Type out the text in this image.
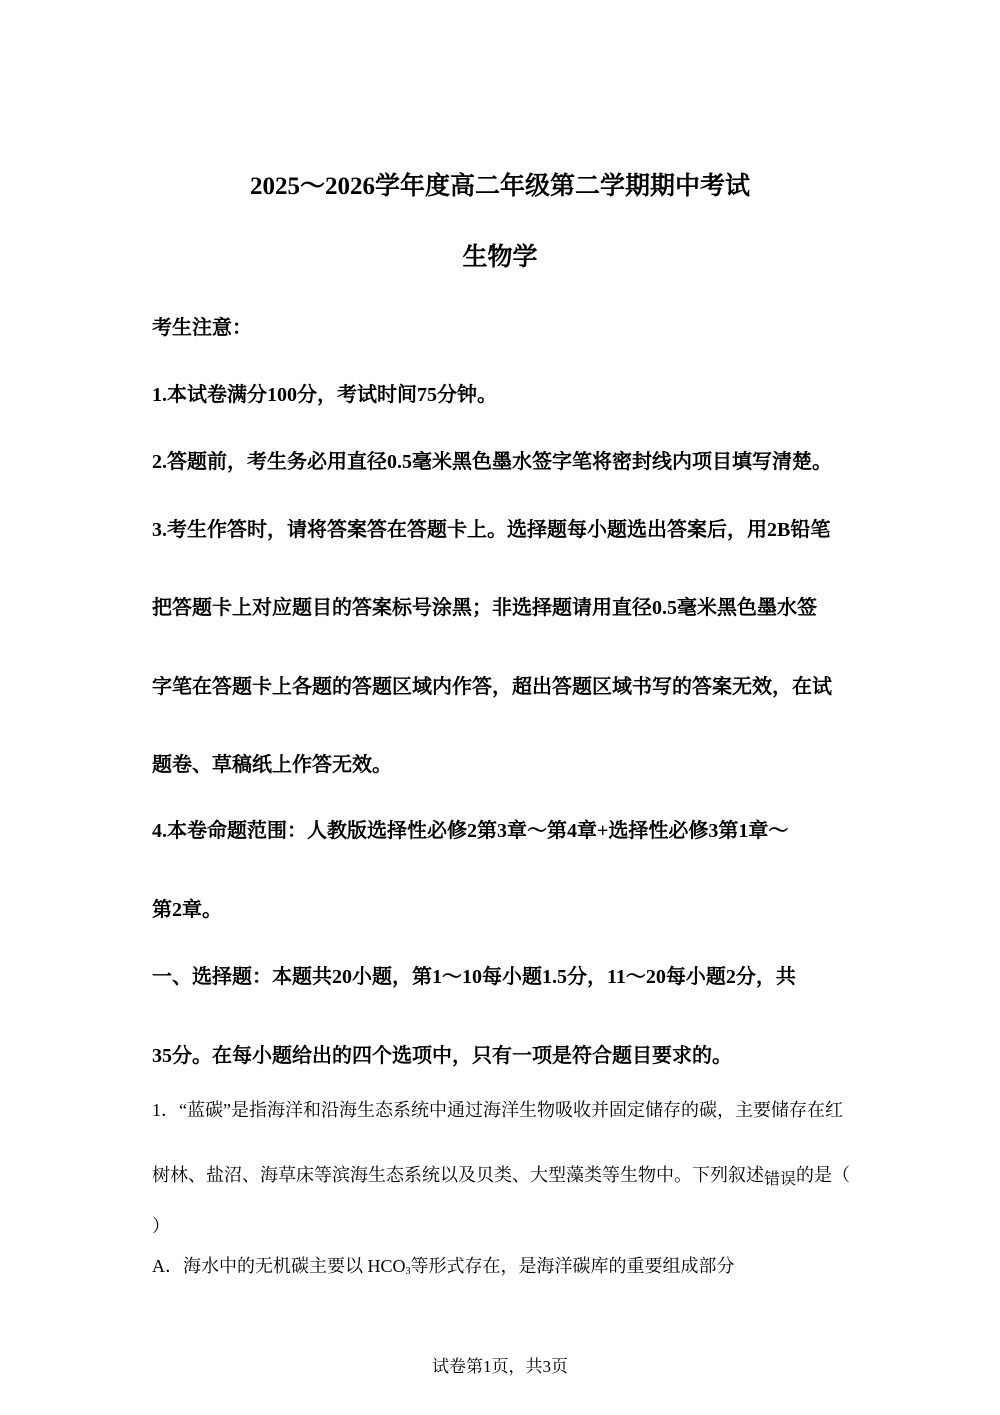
2025～2026学年度高二年级第二学期期中考试
生物学
考生注意：
1.本试卷满分100分，考试时间75分钟。
2.答题前，考生务必用直径0.5毫米黑色墨水签字笔将密封线内项目填写清楚。
3.考生作答时，请将答案答在答题卡上。选择题每小题选出答案后，用2B铅笔
把答题卡上对应题目的答案标号涂黑；非选择题请用直径0.5毫米黑色墨水签
字笔在答题卡上各题的答题区域内作答，超出答题区域书写的答案无效，在试
题卷、草稿纸上作答无效。
4.本卷命题范围：人教版选择性必修2第3章～第4章+选择性必修3第1章～
第2章。
一、选择题：本题共20小题，第1～10每小题1.5分，11～20每小题2分，共
35分。在每小题给出的四个选项中，只有一项是符合题目要求的。
1．“蓝碳”是指海洋和沿海生态系统中通过海洋生物吸收并固定储存的碳，主要储存在红
树林、盐沼、海草床等滨海生态系统以及贝类、大型藻类等生物中。下列叙述错误的是（
）
A．海水中的无机碳主要以 $HCO_3$等形式存在，是海洋碳库的重要组成部分
试卷第1页，共3页
